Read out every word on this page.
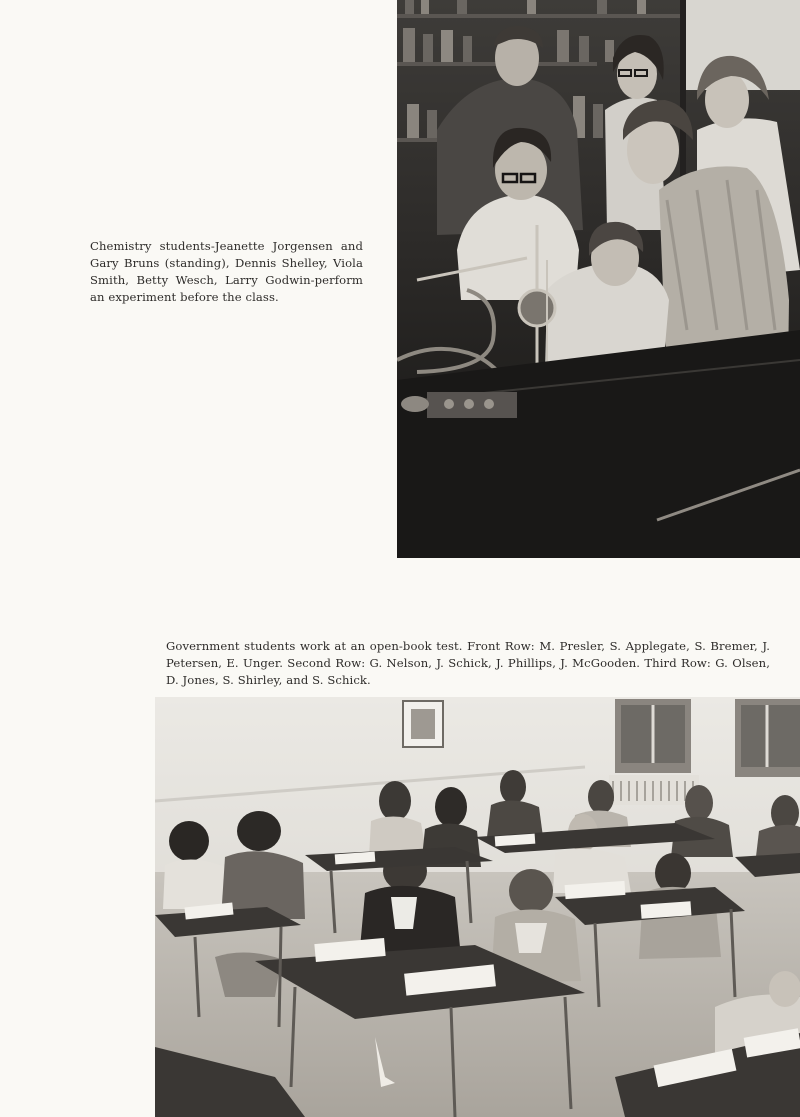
Chemistry students-Jeanette Jorgensen and Gary Bruns (standing), Dennis Shelley, Viola Smith, Betty Wesch, Larry Godwin-perform an experiment before the class.

Government students work at an open-book test. Front Row: M. Presler, S. Applegate, S. Bremer, J. Petersen, E. Unger. Second Row: G. Nelson, J. Schick, J. Phillips, J. McGooden. Third Row: G. Olsen, D. Jones, S. Shirley, and S. Schick.
